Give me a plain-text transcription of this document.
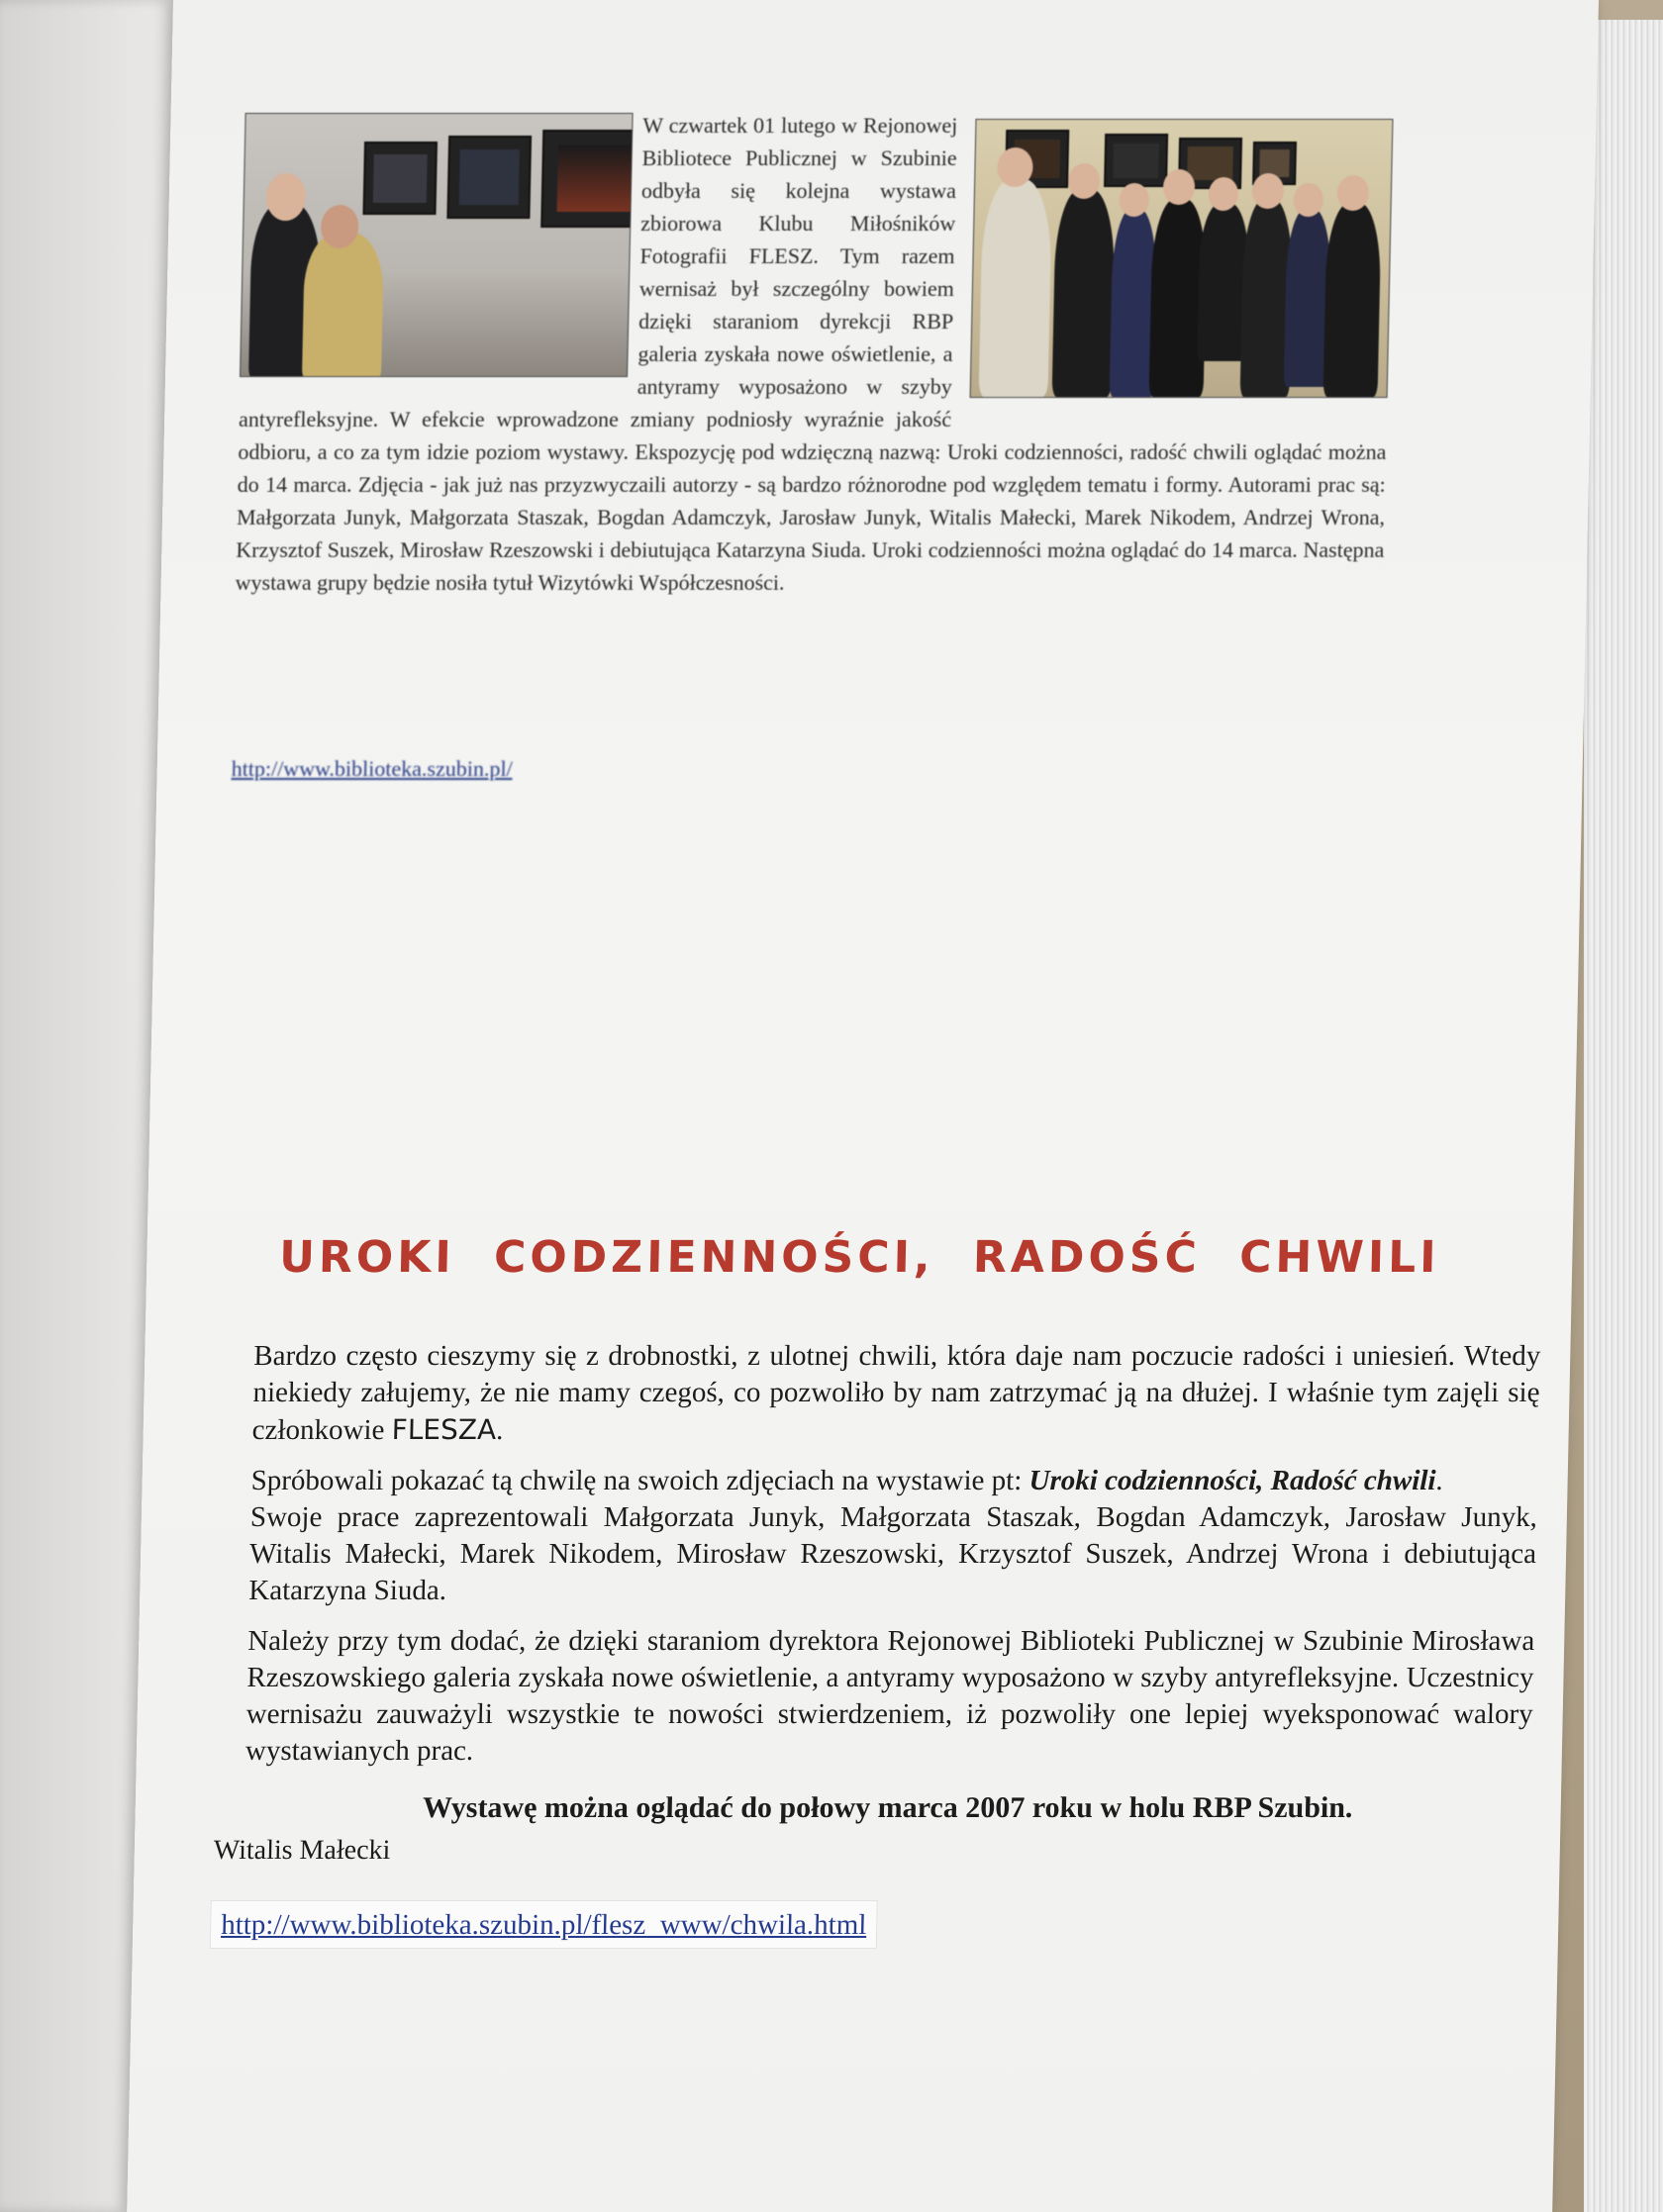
W czwartek 01 lutego w Rejonowej Bibliotece Publicznej w Szubinie odbyła się kolejna wystawa zbiorowa Klubu Miłośników Fotografii FLESZ. Tym razem wernisaż był szczególny bowiem dzięki staraniom dyrekcji RBP galeria zyskała nowe oświetlenie, a antyramy wyposażono w szyby antyrefleksyjne. W efekcie wprowadzone zmiany podniosły wyraźnie jakość odbioru, a co za tym idzie poziom wystawy. Ekspozycję pod wdzięczną nazwą: Uroki codzienności, radość chwili oglądać można do 14 marca. Zdjęcia - jak już nas przyzwyczaili autorzy - są bardzo różnorodne pod względem tematu i formy. Autorami prac są: Małgorzata Junyk, Małgorzata Staszak, Bogdan Adamczyk, Jarosław Junyk, Witalis Małecki, Marek Nikodem, Andrzej Wrona, Krzysztof Suszek, Mirosław Rzeszowski i debiutująca Katarzyna Siuda. Uroki codzienności można oglądać do 14 marca. Następna wystawa grupy będzie nosiła tytuł Wizytówki Współczesności.
http://www.biblioteka.szubin.pl/
UROKI CODZIENNOŚCI, RADOŚĆ CHWILI

Bardzo często cieszymy się z drobnostki, z ulotnej chwili, która daje nam poczucie radości i uniesień. Wtedy niekiedy załujemy, że nie mamy czegoś, co pozwoliło by nam zatrzymać ją na dłużej. I właśnie tym zajęli się członkowie FLESZA.

Spróbowali pokazać tą chwilę na swoich zdjęciach na wystawie pt: Uroki codzienności, Radość chwili.
Swoje prace zaprezentowali Małgorzata Junyk, Małgorzata Staszak, Bogdan Adamczyk, Jarosław Junyk, Witalis Małecki, Marek Nikodem, Mirosław Rzeszowski, Krzysztof Suszek, Andrzej Wrona i debiutująca Katarzyna Siuda.

Należy przy tym dodać, że dzięki staraniom dyrektora Rejonowej Biblioteki Publicznej w Szubinie Mirosława Rzeszowskiego galeria zyskała nowe oświetlenie, a antyramy wyposażono w szyby antyrefleksyjne. Uczestnicy wernisażu zauważyli wszystkie te nowości stwierdzeniem, iż pozwoliły one lepiej wyeksponować walory wystawianych prac.

Wystawę można oglądać do połowy marca 2007 roku w holu RBP Szubin.

Witalis Małecki

http://www.biblioteka.szubin.pl/flesz_www/chwila.html
